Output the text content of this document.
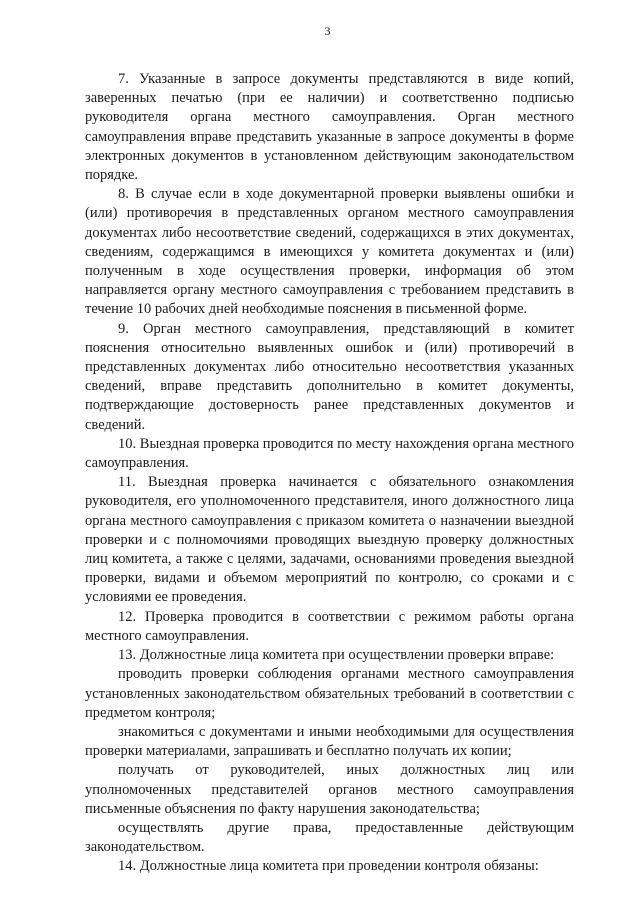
3

7. Указанные в запросе документы представляются в виде копий, заверенных печатью (при ее наличии) и соответственно подписью руководителя органа местного самоуправления. Орган местного самоуправления вправе представить указанные в запросе документы в форме электронных документов в установленном действующим законодательством порядке.

8. В случае если в ходе документарной проверки выявлены ошибки и (или) противоречия в представленных органом местного самоуправления документах либо несоответствие сведений, содержащихся в этих документах, сведениям, содержащимся в имеющихся у комитета документах и (или) полученным в ходе осуществления проверки, информация об этом направляется органу местного самоуправления с требованием представить в течение 10 рабочих дней необходимые пояснения в письменной форме.

9. Орган местного самоуправления, представляющий в комитет пояснения относительно выявленных ошибок и (или) противоречий в представленных документах либо относительно несоответствия указанных сведений, вправе представить дополнительно в комитет документы, подтверждающие достоверность ранее представленных документов и сведений.

10. Выездная проверка проводится по месту нахождения органа местного самоуправления.

11. Выездная проверка начинается с обязательного ознакомления руководителя, его уполномоченного представителя, иного должностного лица органа местного самоуправления с приказом комитета о назначении выездной проверки и с полномочиями проводящих выездную проверку должностных лиц комитета, а также с целями, задачами, основаниями проведения выездной проверки, видами и объемом мероприятий по контролю, со сроками и с условиями ее проведения.

12. Проверка проводится в соответствии с режимом работы органа местного самоуправления.

13. Должностные лица комитета при осуществлении проверки вправе:

проводить проверки соблюдения органами местного самоуправления установленных законодательством обязательных требований в соответствии с предметом контроля;

знакомиться с документами и иными необходимыми для осуществления проверки материалами, запрашивать и бесплатно получать их копии;

получать от руководителей, иных должностных лиц или уполномоченных представителей органов местного самоуправления письменные объяснения по факту нарушения законодательства;

осуществлять другие права, предоставленные действующим законодательством.

14. Должностные лица комитета при проведении контроля обязаны:
